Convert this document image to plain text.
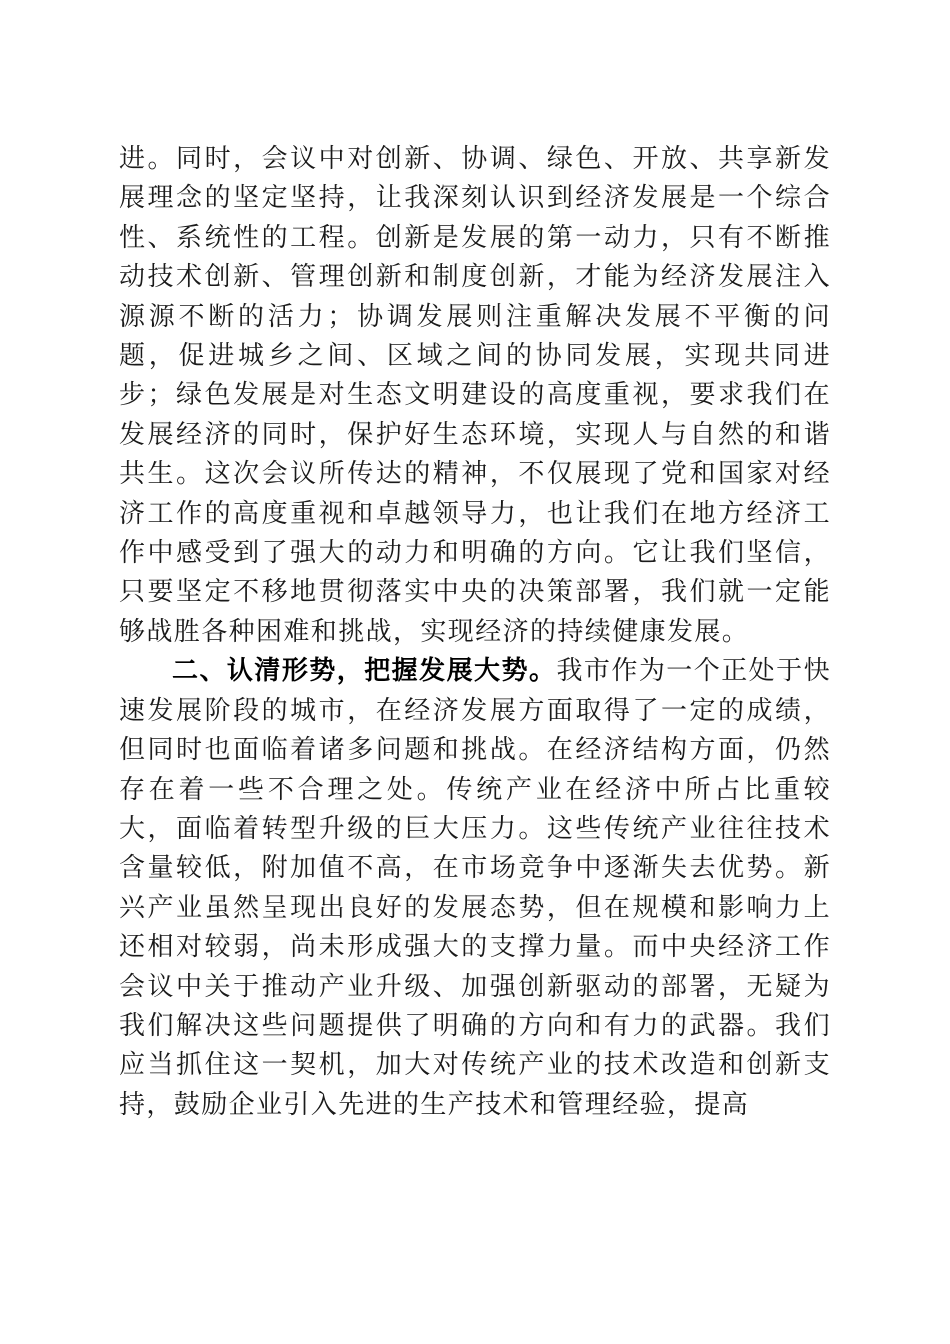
进。同时，会议中对创新、协调、绿色、开放、共享新发展理念的坚定坚持，让我深刻认识到经济发展是一个综合性、系统性的工程。创新是发展的第一动力，只有不断推动技术创新、管理创新和制度创新，才能为经济发展注入源源不断的活力；协调发展则注重解决发展不平衡的问题，促进城乡之间、区域之间的协同发展，实现共同进步；绿色发展是对生态文明建设的高度重视，要求我们在发展经济的同时，保护好生态环境，实现人与自然的和谐共生。这次会议所传达的精神，不仅展现了党和国家对经济工作的高度重视和卓越领导力，也让我们在地方经济工作中感受到了强大的动力和明确的方向。它让我们坚信，只要坚定不移地贯彻落实中央的决策部署，我们就一定能够战胜各种困难和挑战，实现经济的持续健康发展。

二、认清形势，把握发展大势。我市作为一个正处于快速发展阶段的城市，在经济发展方面取得了一定的成绩，但同时也面临着诸多问题和挑战。在经济结构方面，仍然存在着一些不合理之处。传统产业在经济中所占比重较大，面临着转型升级的巨大压力。这些传统产业往往技术含量较低，附加值不高，在市场竞争中逐渐失去优势。新兴产业虽然呈现出良好的发展态势，但在规模和影响力上还相对较弱，尚未形成强大的支撑力量。而中央经济工作会议中关于推动产业升级、加强创新驱动的部署，无疑为我们解决这些问题提供了明确的方向和有力的武器。我们应当抓住这一契机，加大对传统产业的技术改造和创新支持，鼓励企业引入先进的生产技术和管理经验，提高
